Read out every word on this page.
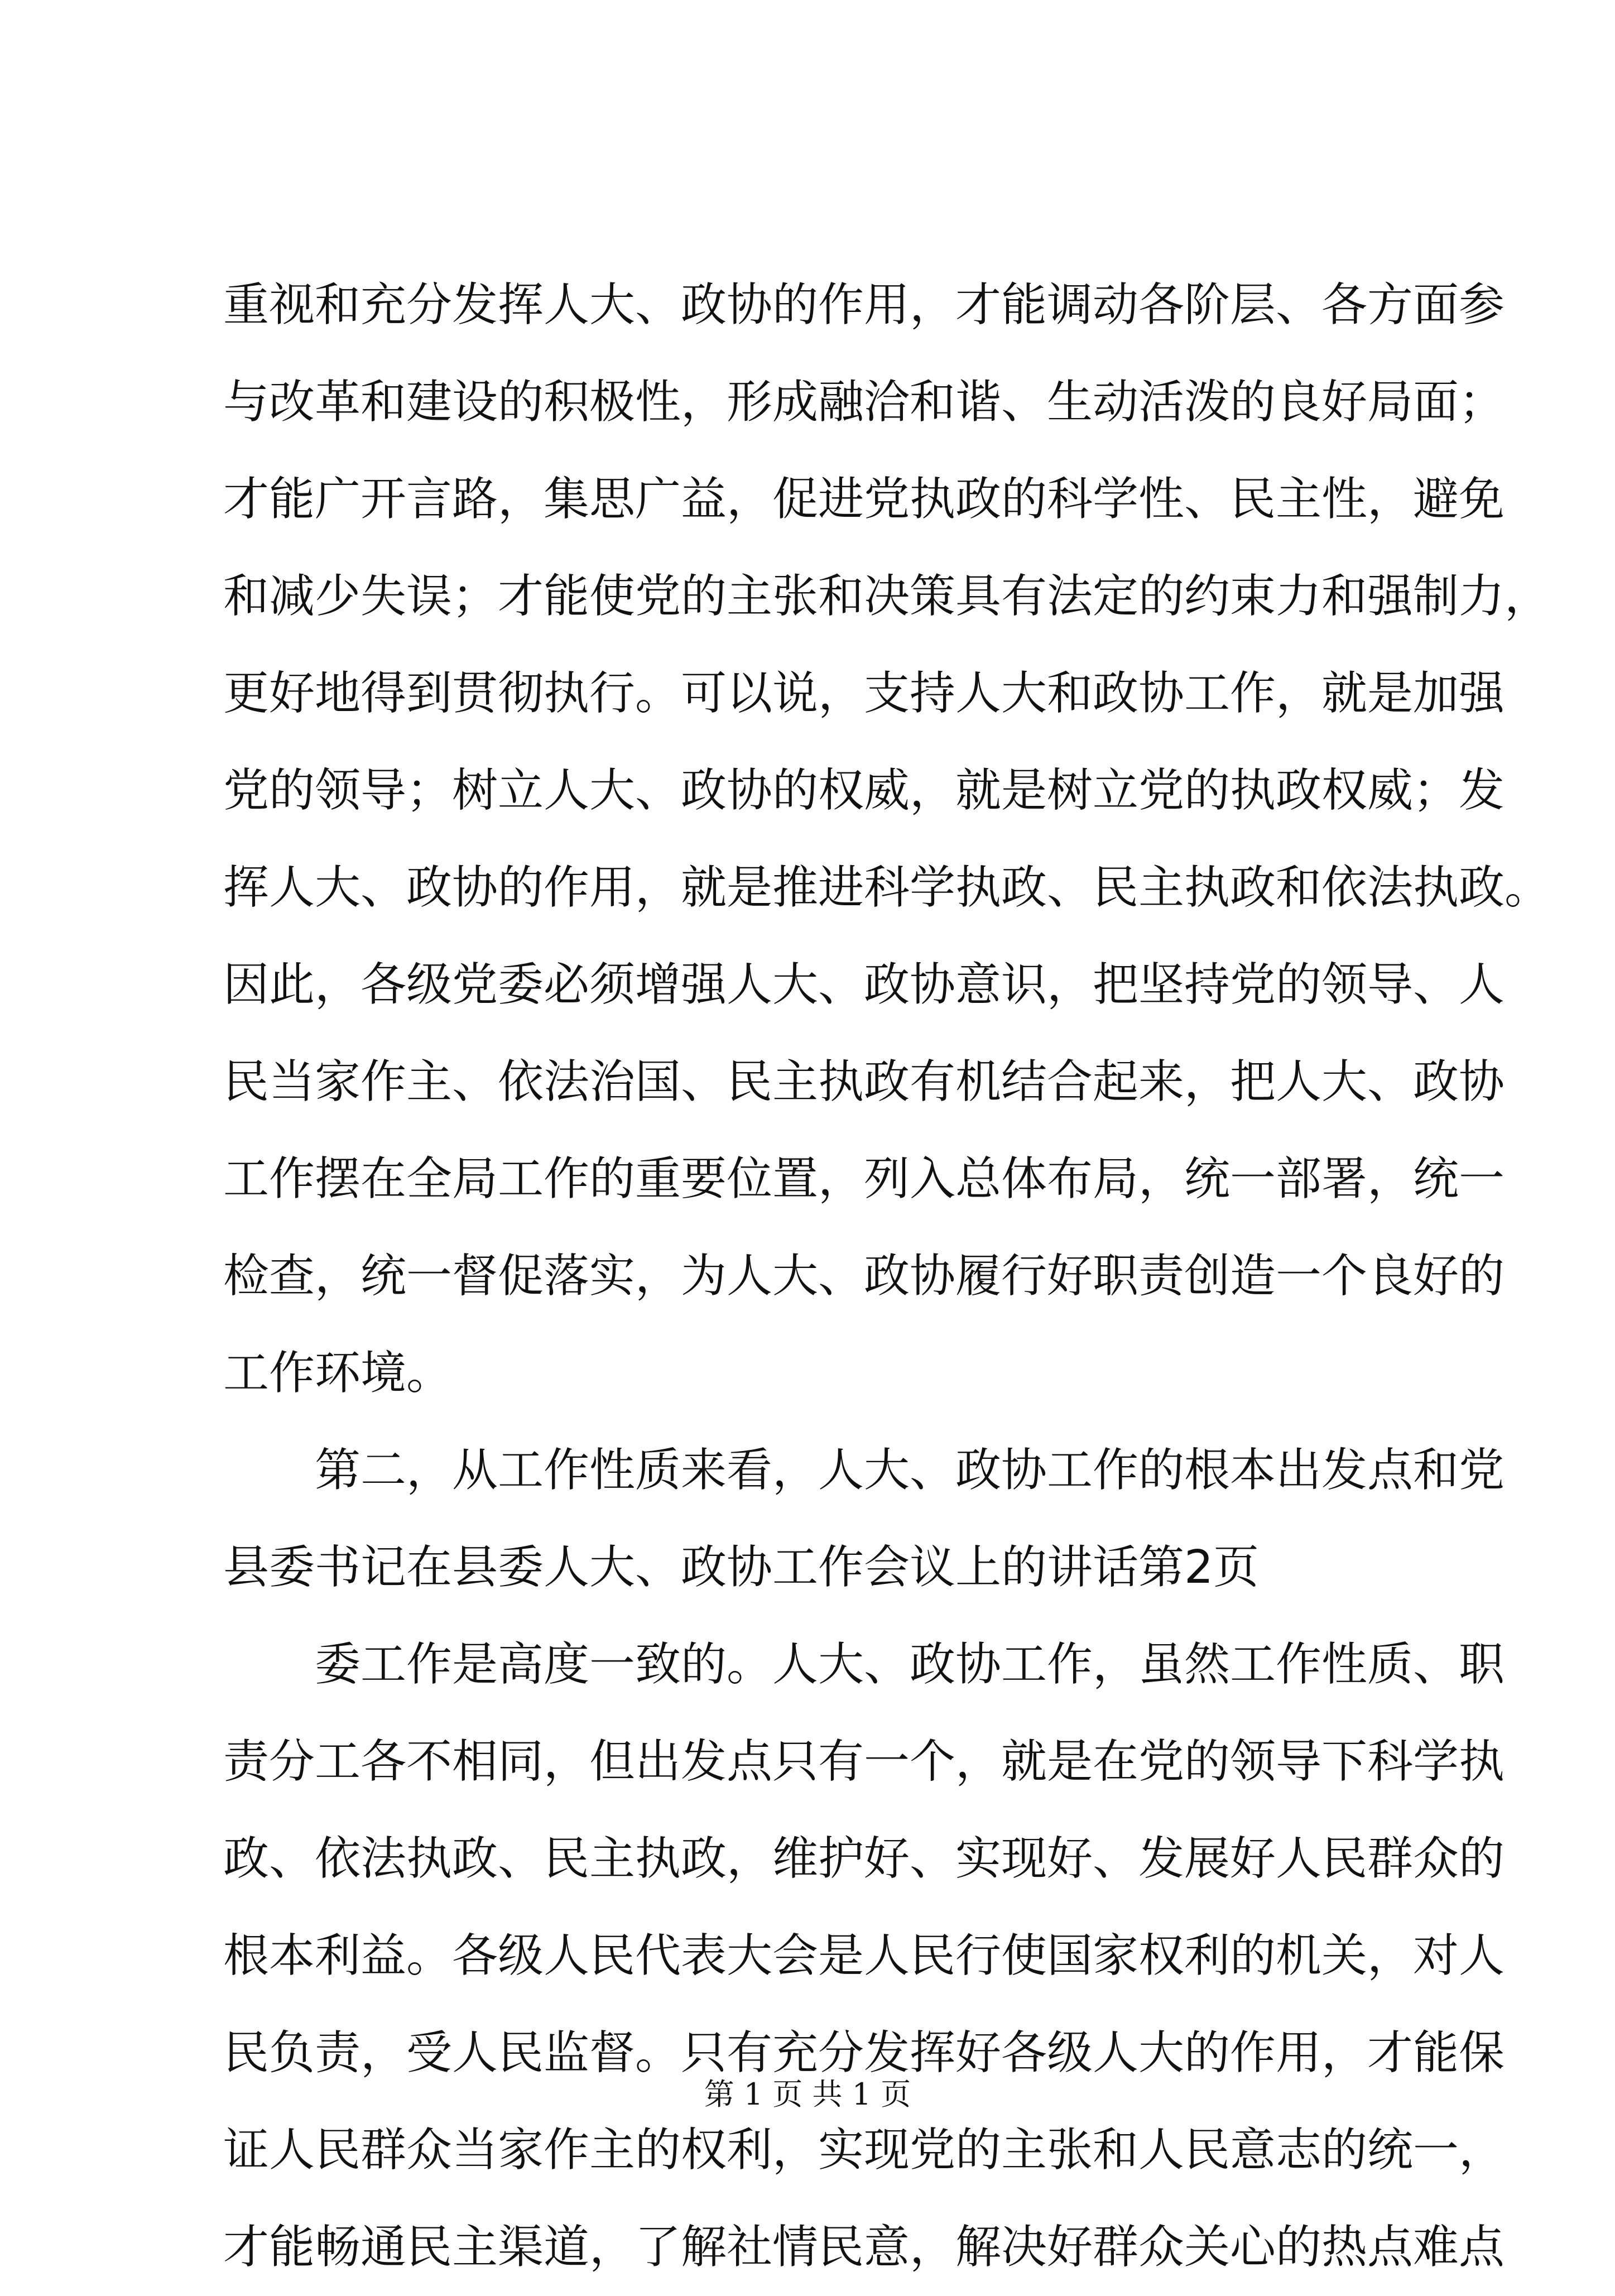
重视和充分发挥人大、政协的作用，才能调动各阶层、各方面参
与改革和建设的积极性，形成融洽和谐、生动活泼的良好局面；
才能广开言路，集思广益，促进党执政的科学性、民主性，避免
和减少失误；才能使党的主张和决策具有法定的约束力和强制力，
更好地得到贯彻执行。可以说，支持人大和政协工作，就是加强
党的领导；树立人大、政协的权威，就是树立党的执政权威；发
挥人大、政协的作用，就是推进科学执政、民主执政和依法执政。
因此，各级党委必须增强人大、政协意识，把坚持党的领导、人
民当家作主、依法治国、民主执政有机结合起来，把人大、政协
工作摆在全局工作的重要位置，列入总体布局，统一部署，统一
检查，统一督促落实，为人大、政协履行好职责创造一个良好的
工作环境。
第二，从工作性质来看，人大、政协工作的根本出发点和党
县委书记在县委人大、政协工作会议上的讲话第2页
委工作是高度一致的。人大、政协工作，虽然工作性质、职
责分工各不相同，但出发点只有一个，就是在党的领导下科学执
政、依法执政、民主执政，维护好、实现好、发展好人民群众的
根本利益。各级人民代表大会是人民行使国家权利的机关，对人
民负责，受人民监督。只有充分发挥好各级人大的作用，才能保
证人民群众当家作主的权利，实现党的主张和人民意志的统一，
才能畅通民主渠道，了解社情民意，解决好群众关心的热点难点
第 1 页 共 1 页
